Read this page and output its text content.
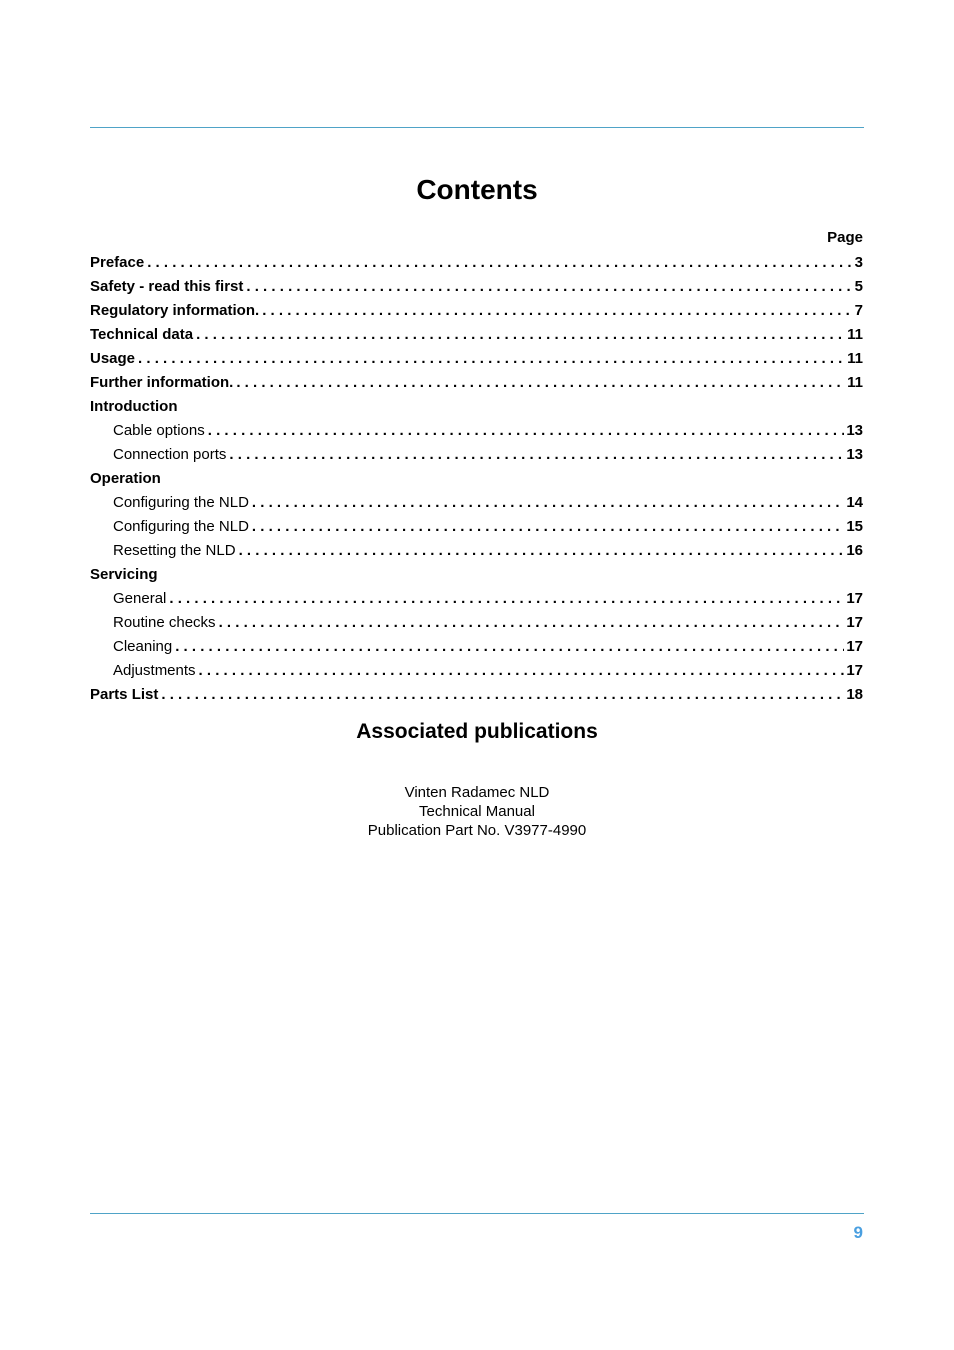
Contents
Page
Preface . . .	3
Safety - read this first . . .	5
Regulatory information. . . .	7
Technical data . . .	11
Usage . . .	11
Further information. . . .	11
Introduction
Cable options . . .	13
Connection ports . . .	13
Operation
Configuring the NLD . . .	14
Configuring the NLD . . .	15
Resetting the NLD . . .	16
Servicing
General . . .	17
Routine checks . . .	17
Cleaning . . .	17
Adjustments . . .	17
Parts List . . .	18
Associated publications
Vinten Radamec NLD
Technical Manual
Publication Part No. V3977-4990
9
